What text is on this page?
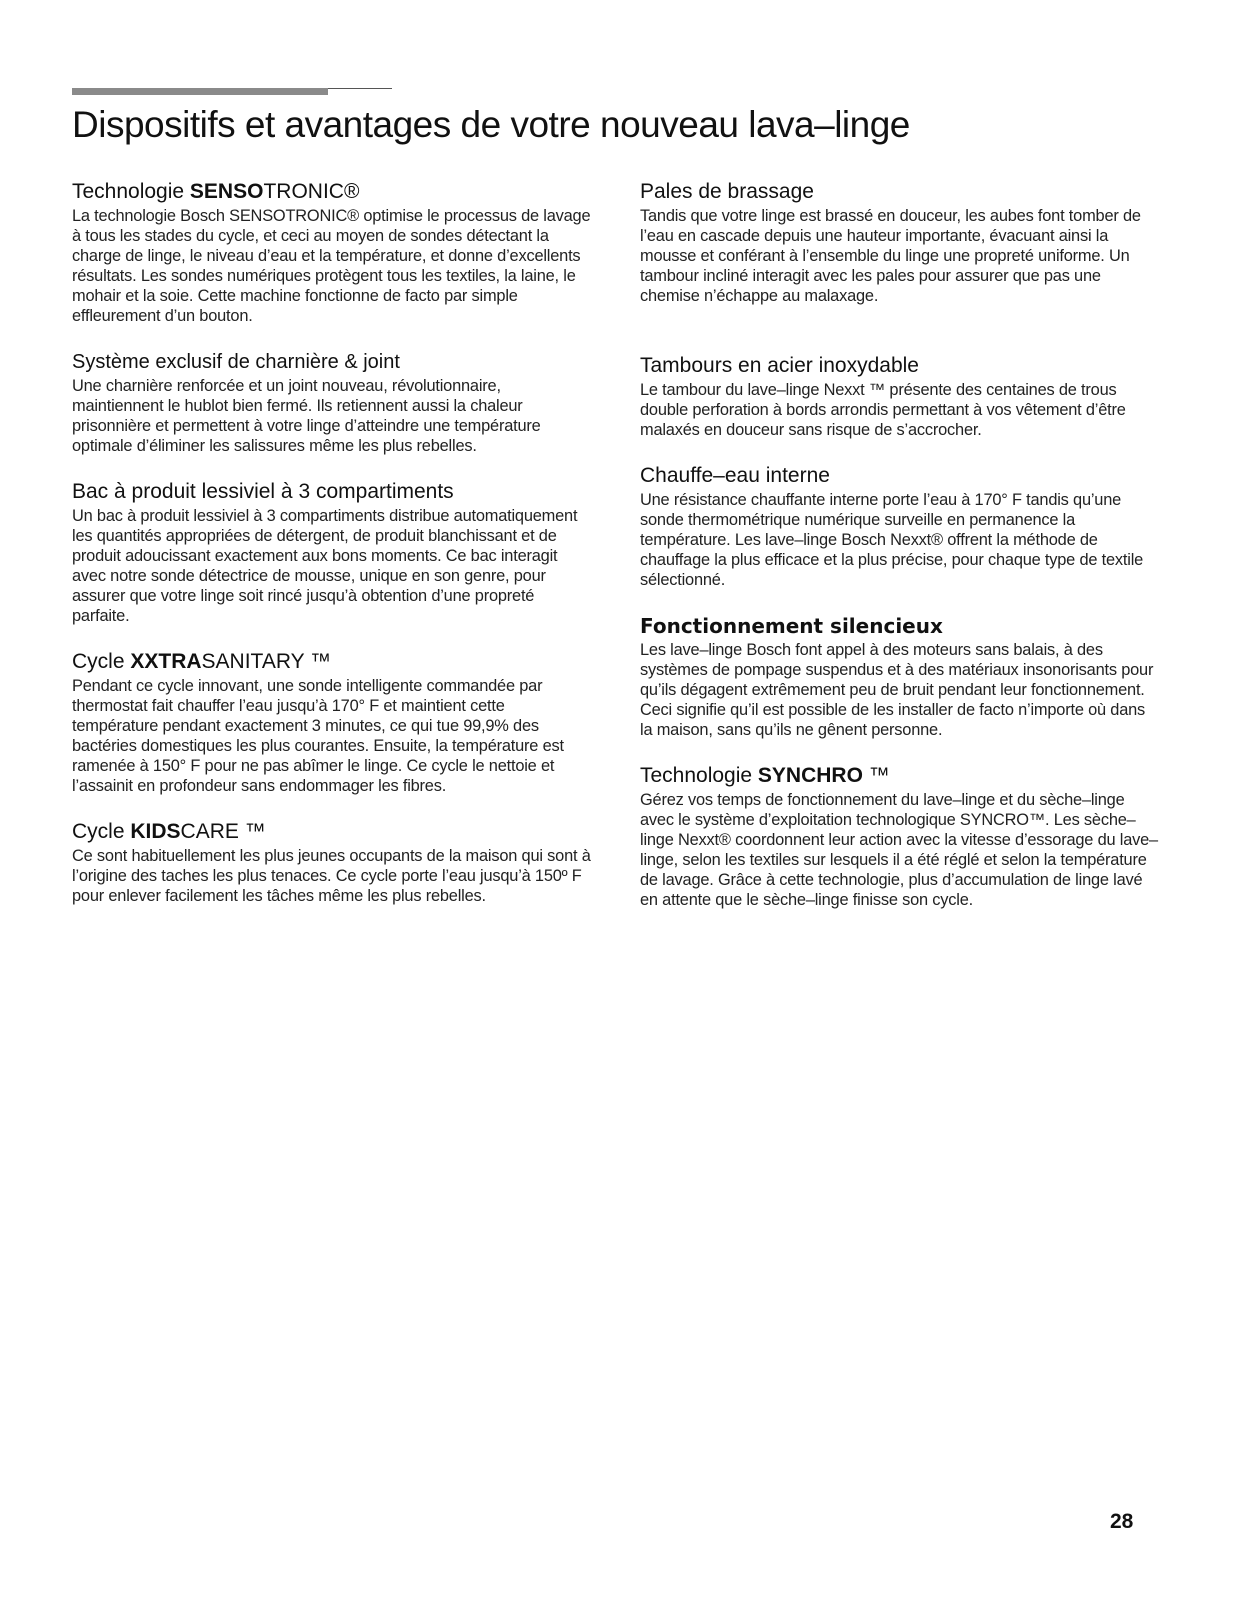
Dispositifs et avantages de votre nouveau lava–linge
Technologie SENSOTRONIC®

La technologie Bosch SENSOTRONIC® optimise le processus de lavage à tous les stades du cycle, et ceci au moyen de sondes détectant la charge de linge, le niveau d’eau et la température, et donne d’excellents résultats. Les sondes numériques protègent tous les textiles, la laine, le mohair et la soie. Cette machine fonctionne de facto par simple effleurement d’un bouton.

Système exclusif de charnière & joint

Une charnière renforcée et un joint nouveau, révolutionnaire, maintiennent le hublot bien fermé. Ils retiennent aussi la chaleur prisonnière et permettent à votre linge d’atteindre une température optimale d’éliminer les salissures même les plus rebelles.

Bac à produit lessiviel à 3 compartiments

Un bac à produit lessiviel à 3 compartiments distribue automatiquement les quantités appropriées de détergent, de produit blanchissant et de produit adoucissant exactement aux bons moments. Ce bac interagit avec notre sonde détectrice de mousse, unique en son genre, pour assurer que votre linge soit rincé jusqu’à obtention d’une propreté parfaite.

Cycle XXTRASANITARY ™

Pendant ce cycle innovant, une sonde intelligente commandée par thermostat fait chauffer l’eau jusqu’à 170° F et maintient cette température pendant exactement 3 minutes, ce qui tue 99,9% des bactéries domestiques les plus courantes. Ensuite, la température est ramenée à 150° F pour ne pas abîmer le linge. Ce cycle le nettoie et l’assainit en profondeur sans endommager les fibres.

Cycle KIDSCARE ™

Ce sont habituellement les plus jeunes occupants de la maison qui sont à l’origine des taches les plus tenaces. Ce cycle porte l’eau jusqu’à 150º F pour enlever facilement les tâches même les plus rebelles.

Pales de brassage

Tandis que votre linge est brassé en douceur, les aubes font tomber de l’eau en cascade depuis une hauteur importante, évacuant ainsi la mousse et conférant à l’ensemble du linge une propreté uniforme. Un tambour incliné interagit avec les pales pour assurer que pas une chemise n’échappe au malaxage.

Tambours en acier inoxydable

Le tambour du lave–linge Nexxt ™ présente des centaines de trous double perforation à bords arrondis permettant à vos vêtement d’être malaxés en douceur sans risque de s’accrocher.

Chauffe–eau interne

Une résistance chauffante interne porte l’eau à 170° F tandis qu’une sonde thermométrique numérique surveille en permanence la température. Les lave–linge Bosch Nexxt® offrent la méthode de chauffage la plus efficace et la plus précise, pour chaque type de textile sélectionné.

Fonctionnement silencieux

Les lave–linge Bosch font appel à des moteurs sans balais, à des systèmes de pompage suspendus et à des matériaux insonorisants pour qu’ils dégagent extrêmement peu de bruit pendant leur fonctionnement. Ceci signifie qu’il est possible de les installer de facto n’importe où dans la maison, sans qu’ils ne gênent personne.

Technologie SYNCHRO ™

Gérez vos temps de fonctionnement du lave–linge et du sèche–linge avec le système d’exploitation technologique SYNCRO™. Les sèche–linge Nexxt® coordonnent leur action avec la vitesse d’essorage du lave–linge, selon les textiles sur lesquels il a été réglé et selon la température de lavage. Grâce à cette technologie, plus d’accumulation de linge lavé en attente que le sèche–linge finisse son cycle.

28
